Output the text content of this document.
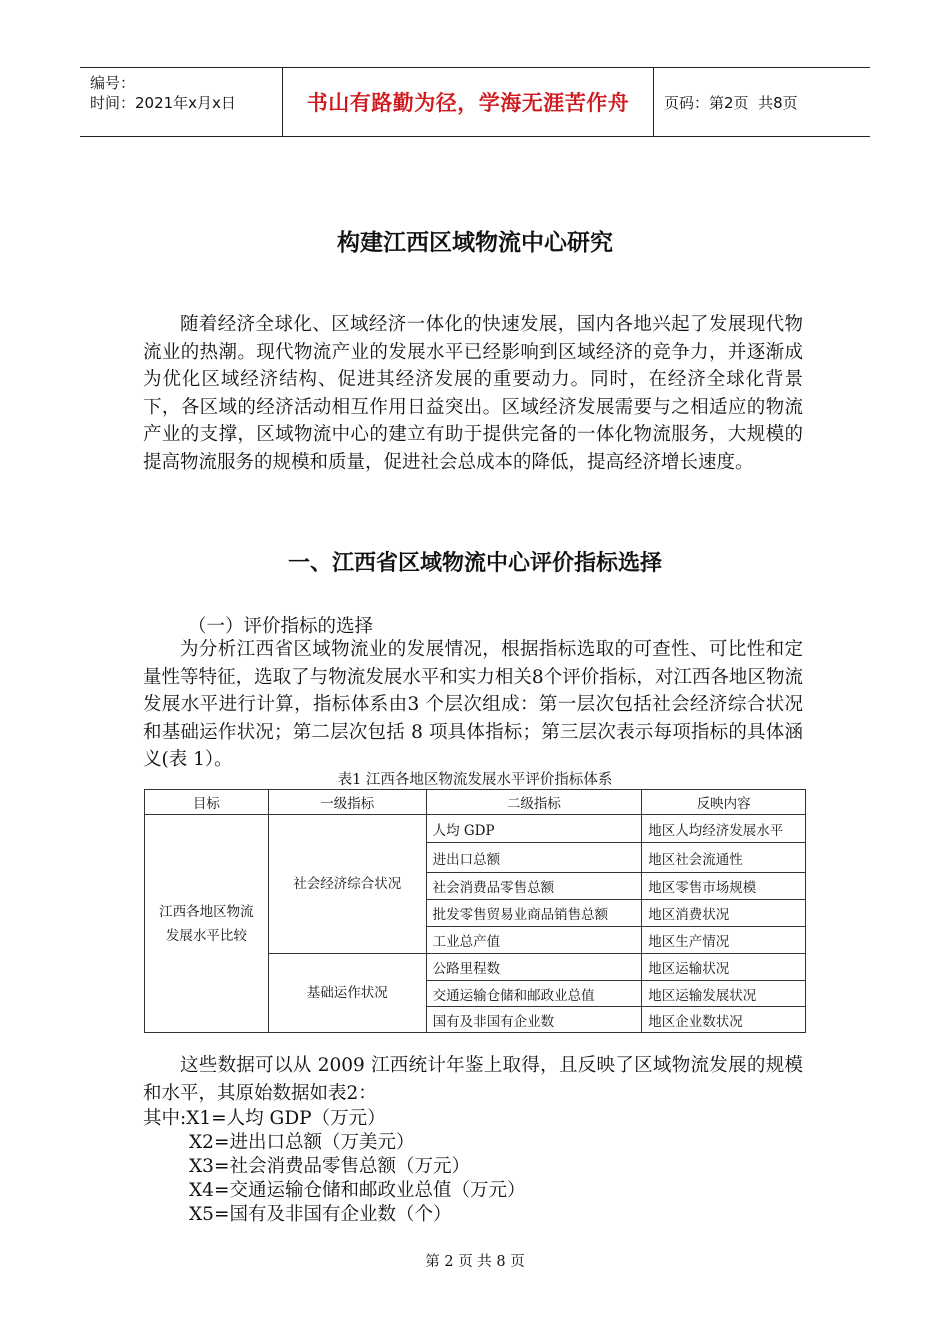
编号：
时间：2021年x月x日	书山有路勤为径，学海无涯苦作舟	页码：第2页  共8页
构建江西区域物流中心研究

随着经济全球化、区域经济一体化的快速发展，国内各地兴起了发展现代物流业的热潮。现代物流产业的发展水平已经影响到区域经济的竞争力，并逐渐成为优化区域经济结构、促进其经济发展的重要动力。同时，在经济全球化背景下，各区域的经济活动相互作用日益突出。区域经济发展需要与之相适应的物流产业的支撑，区域物流中心的建立有助于提供完备的一体化物流服务，大规模的提高物流服务的规模和质量，促进社会总成本的降低，提高经济增长速度。

一、江西省区域物流中心评价指标选择
（一）评价指标的选择

为分析江西省区域物流业的发展情况，根据指标选取的可查性、可比性和定量性等特征，选取了与物流发展水平和实力相关8个评价指标，对江西各地区物流发展水平进行计算，指标体系由3 个层次组成：第一层次包括社会经济综合状况和基础运作状况；第二层次包括 8 项具体指标；第三层次表示每项指标的具体涵义(表 1）。

表1 江西各地区物流发展水平评价指标体系
目标	一级指标	二级指标	反映内容
江西各地区物流发展水平比较	社会经济综合状况	人均 GDP	地区人均经济发展水平
		进出口总额	地区社会流通性
		社会消费品零售总额	地区零售市场规模
		批发零售贸易业商品销售总额	地区消费状况
		工业总产值	地区生产情况
	基础运作状况	公路里程数	地区运输状况
		交通运输仓储和邮政业总值	地区运输发展状况
		国有及非国有企业数	地区企业数状况

这些数据可以从 2009 江西统计年鉴上取得，且反映了区域物流发展的规模和水平，其原始数据如表2：

其中:X1=人均 GDP（万元）
X2=进出口总额（万美元）
X3=社会消费品零售总额（万元）
X4=交通运输仓储和邮政业总值（万元）
X5=国有及非国有企业数（个）
第 2 页 共 8 页
